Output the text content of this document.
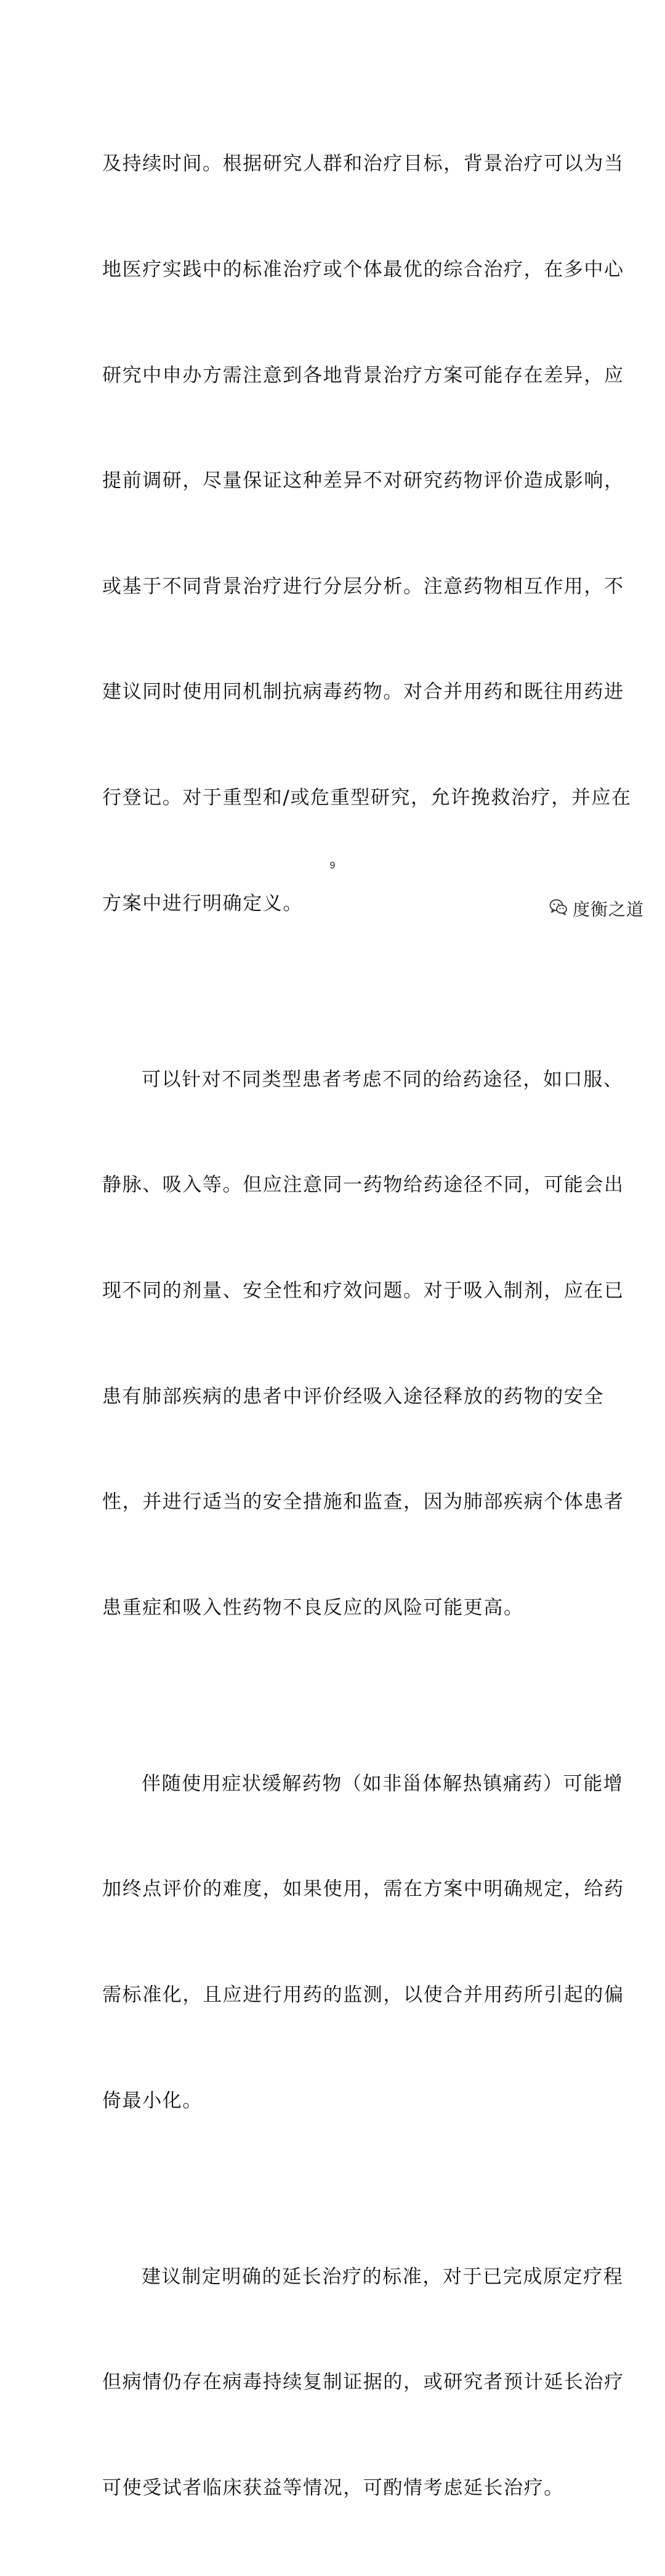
及持续时间。根据研究人群和治疗目标，背景治疗可以为当

地医疗实践中的标准治疗或个体最优的综合治疗，在多中心

研究中申办方需注意到各地背景治疗方案可能存在差异，应

提前调研，尽量保证这种差异不对研究药物评价造成影响，

或基于不同背景治疗进行分层分析。注意药物相互作用，不

建议同时使用同机制抗病毒药物。对合并用药和既往用药进

行登记。对于重型和/或危重型研究，允许挽救治疗，并应在

方案中进行明确定义。

可以针对不同类型患者考虑不同的给药途径，如口服、

静脉、吸入等。但应注意同一药物给药途径不同，可能会出

现不同的剂量、安全性和疗效问题。对于吸入制剂，应在已

患有肺部疾病的患者中评价经吸入途径释放的药物的安全

性，并进行适当的安全措施和监查，因为肺部疾病个体患者

患重症和吸入性药物不良反应的风险可能更高。

伴随使用症状缓解药物（如非甾体解热镇痛药）可能增

加终点评价的难度，如果使用，需在方案中明确规定，给药

需标准化，且应进行用药的监测，以使合并用药所引起的偏

倚最小化。

建议制定明确的延长治疗的标准，对于已完成原定疗程

但病情仍存在病毒持续复制证据的，或研究者预计延长治疗

可使受试者临床获益等情况，可酌情考虑延长治疗。

9
度衡之道
